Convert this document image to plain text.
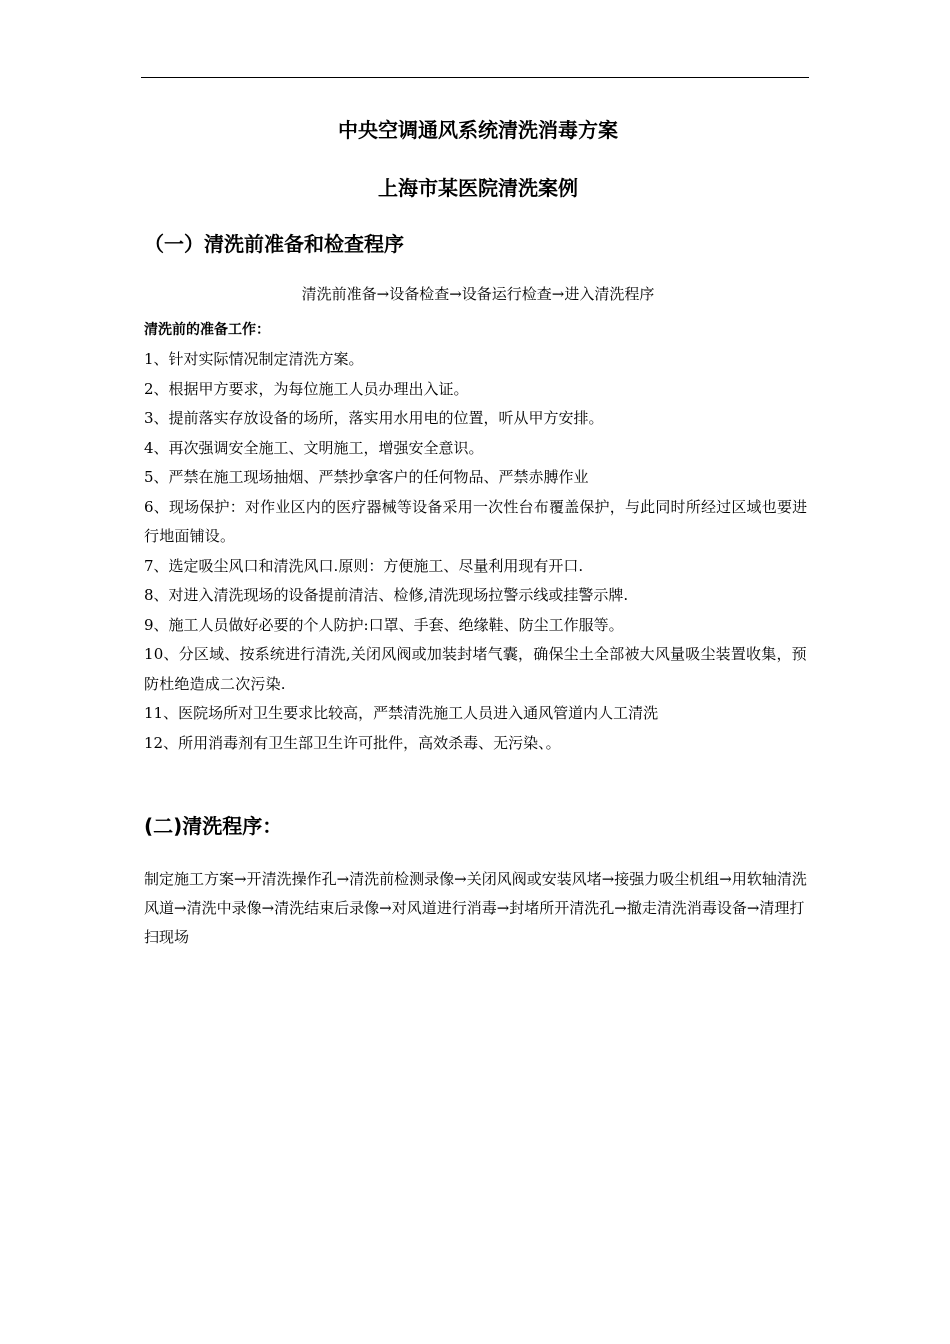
中央空调通风系统清洗消毒方案
上海市某医院清洗案例
（一）清洗前准备和检查程序
清洗前准备→设备检查→设备运行检查→进入清洗程序
清洗前的准备工作：
1、针对实际情况制定清洗方案。
2、根据甲方要求，为每位施工人员办理出入证。
3、提前落实存放设备的场所，落实用水用电的位置，听从甲方安排。
4、再次强调安全施工、文明施工，增强安全意识。
5、严禁在施工现场抽烟、严禁抄拿客户的任何物品、严禁赤膊作业
6、现场保护：对作业区内的医疗器械等设备采用一次性台布覆盖保护，与此同时所经过区域也要进行地面铺设。
7、选定吸尘风口和清洗风口.原则：方便施工、尽量利用现有开口.
8、对进入清洗现场的设备提前清洁、检修,清洗现场拉警示线或挂警示牌.
9、施工人员做好必要的个人防护:口罩、手套、绝缘鞋、防尘工作服等。
10、分区域、按系统进行清洗,关闭风阀或加装封堵气囊，确保尘土全部被大风量吸尘装置收集，预防杜绝造成二次污染.
11、医院场所对卫生要求比较高，严禁清洗施工人员进入通风管道内人工清洗
12、所用消毒剂有卫生部卫生许可批件，高效杀毒、无污染、。
(二)清洗程序：

制定施工方案→开清洗操作孔→清洗前检测录像→关闭风阀或安装风堵→接强力吸尘机组→用软轴清洗风道→清洗中录像→清洗结束后录像→对风道进行消毒→封堵所开清洗孔→撤走清洗消毒设备→清理打扫现场
